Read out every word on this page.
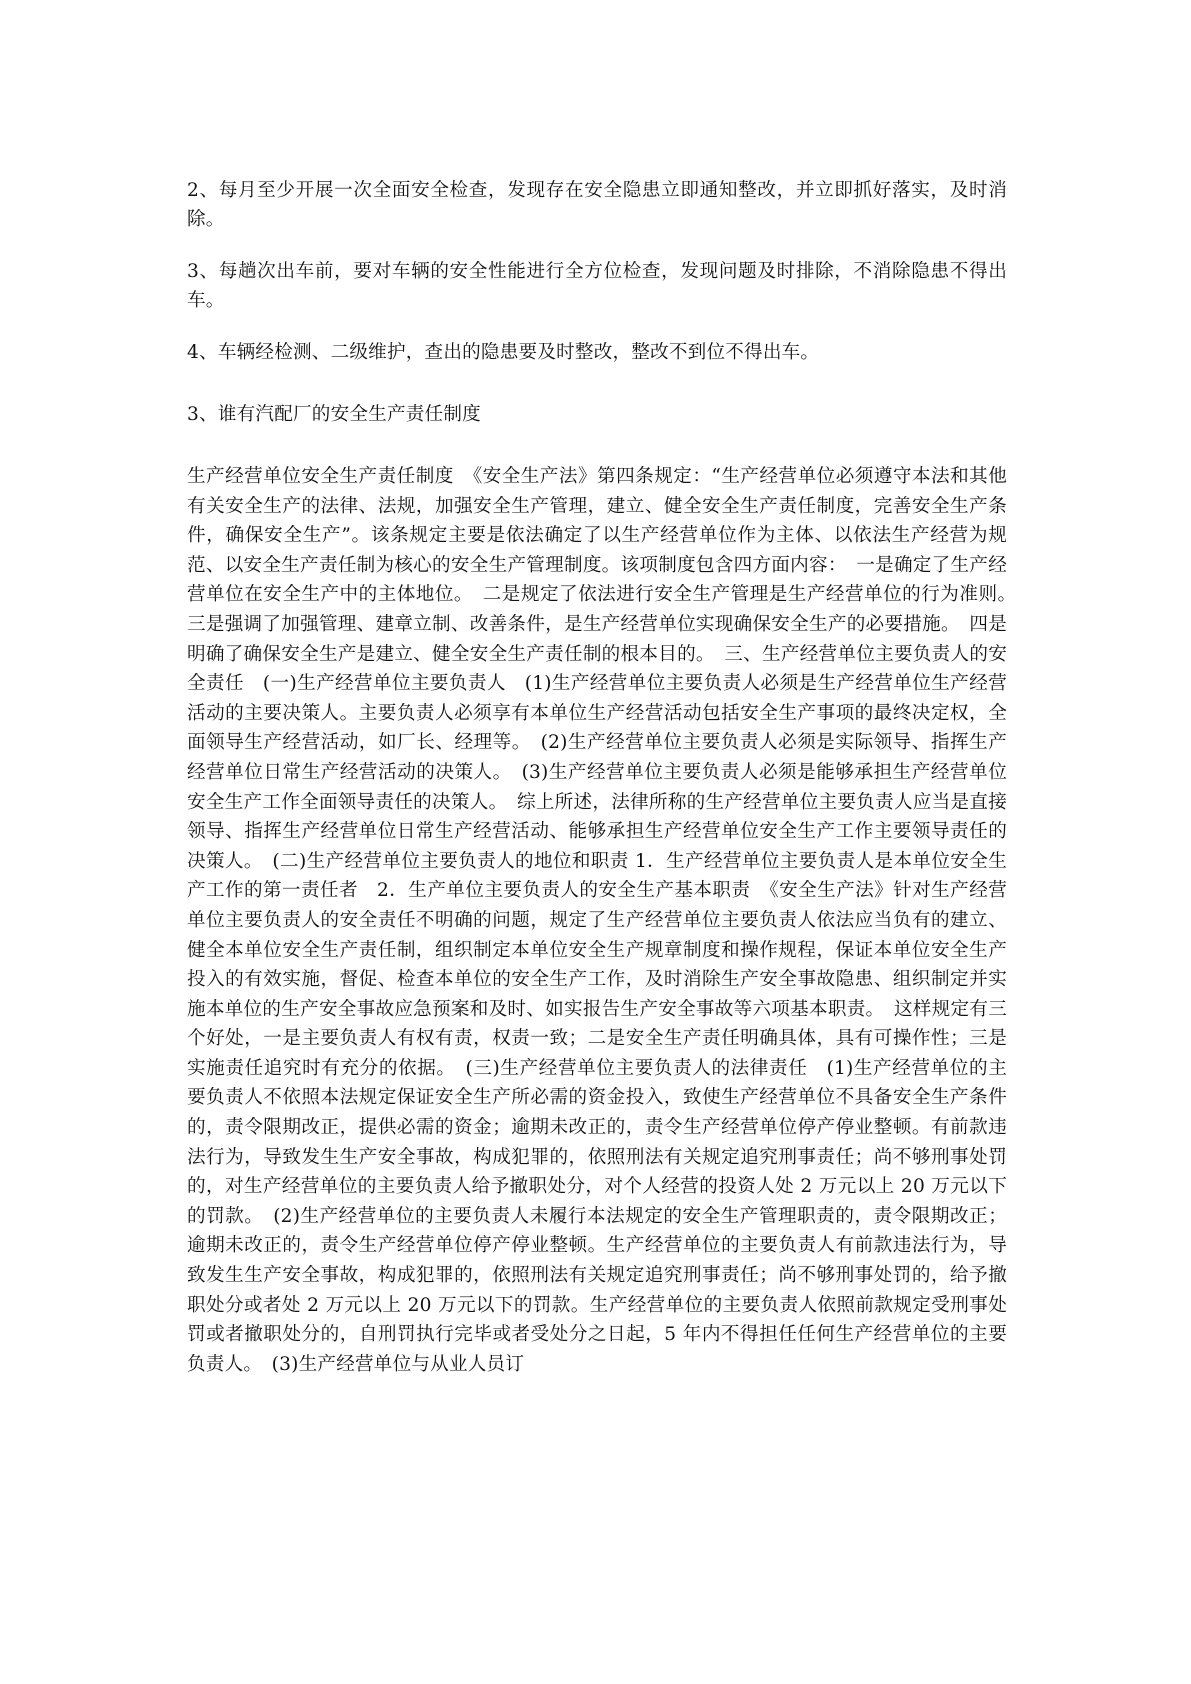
2、每月至少开展一次全面安全检查，发现存在安全隐患立即通知整改，并立即抓好落实，及时消除。

3、每趟次出车前，要对车辆的安全性能进行全方位检查，发现问题及时排除，不消除隐患不得出车。

4、车辆经检测、二级维护，查出的隐患要及时整改，整改不到位不得出车。

3、谁有汽配厂的安全生产责任制度

生产经营单位安全生产责任制度　《安全生产法》第四条规定：“生产经营单位必须遵守本法和其他有关安全生产的法律、法规，加强安全生产管理，建立、健全安全生产责任制度，完善安全生产条件，确保安全生产”。该条规定主要是依法确定了以生产经营单位作为主体、以依法生产经营为规范、以安全生产责任制为核心的安全生产管理制度。该项制度包含四方面内容：　一是确定了生产经营单位在安全生产中的主体地位。　二是规定了依法进行安全生产管理是生产经营单位的行为准则。　三是强调了加强管理、建章立制、改善条件，是生产经营单位实现确保安全生产的必要措施。　四是明确了确保安全生产是建立、健全安全生产责任制的根本目的。　三、生产经营单位主要负责人的安全责任　(一)生产经营单位主要负责人　(1)生产经营单位主要负责人必须是生产经营单位生产经营活动的主要决策人。主要负责人必须享有本单位生产经营活动包括安全生产事项的最终决定权，全面领导生产经营活动，如厂长、经理等。　(2)生产经营单位主要负责人必须是实际领导、指挥生产经营单位日常生产经营活动的决策人。　(3)生产经营单位主要负责人必须是能够承担生产经营单位安全生产工作全面领导责任的决策人。　综上所述，法律所称的生产经营单位主要负责人应当是直接领导、指挥生产经营单位日常生产经营活动、能够承担生产经营单位安全生产工作主要领导责任的决策人。　(二)生产经营单位主要负责人的地位和职责 1．生产经营单位主要负责人是本单位安全生产工作的第一责任者　2．生产单位主要负责人的安全生产基本职责　《安全生产法》针对生产经营单位主要负责人的安全责任不明确的问题，规定了生产经营单位主要负责人依法应当负有的建立、健全本单位安全生产责任制，组织制定本单位安全生产规章制度和操作规程，保证本单位安全生产投入的有效实施，督促、检查本单位的安全生产工作，及时消除生产安全事故隐患、组织制定并实施本单位的生产安全事故应急预案和及时、如实报告生产安全事故等六项基本职责。　这样规定有三个好处，一是主要负责人有权有责，权责一致；二是安全生产责任明确具体，具有可操作性；三是实施责任追究时有充分的依据。　(三)生产经营单位主要负责人的法律责任　(1)生产经营单位的主要负责人不依照本法规定保证安全生产所必需的资金投入，致使生产经营单位不具备安全生产条件的，责令限期改正，提供必需的资金；逾期未改正的，责令生产经营单位停产停业整顿。有前款违法行为，导致发生生产安全事故，构成犯罪的，依照刑法有关规定追究刑事责任；尚不够刑事处罚的，对生产经营单位的主要负责人给予撤职处分，对个人经营的投资人处 2 万元以上 20 万元以下的罚款。　(2)生产经营单位的主要负责人未履行本法规定的安全生产管理职责的，责令限期改正；逾期未改正的，责令生产经营单位停产停业整顿。生产经营单位的主要负责人有前款违法行为，导致发生生产安全事故，构成犯罪的，依照刑法有关规定追究刑事责任；尚不够刑事处罚的，给予撤职处分或者处 2 万元以上 20 万元以下的罚款。生产经营单位的主要负责人依照前款规定受刑事处罚或者撤职处分的，自刑罚执行完毕或者受处分之日起，5 年内不得担任任何生产经营单位的主要负责人。　(3)生产经营单位与从业人员订
